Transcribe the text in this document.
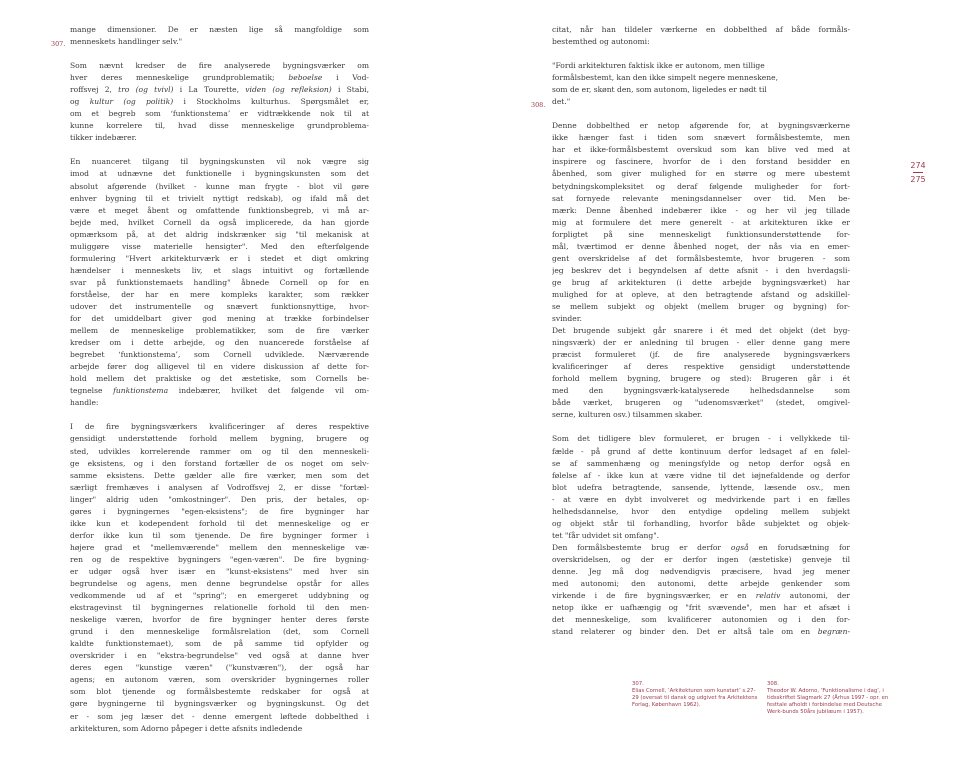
mange dimensioner. De er næsten lige så mangfoldige som
menneskets handlinger selv."

Som nævnt kredser de fire analyserede bygningsværker om
hver deres menneskelige grundproblematik; beboelse i Vod-
roffsvej 2, tro (og tvivl) i La Tourette, viden (og refleksion) i Stabi,
og kultur (og politik) i Stockholms kulturhus. Spørgsmålet er,
om et begreb som ‘funktionstema’ er vidtrækkende nok til at
kunne korrelere til, hvad disse menneskelige grundproblema-
tikker indebærer.

En nuanceret tilgang til bygningskunsten vil nok vægre sig
imod at udnævne det funktionelle i bygningskunsten som det
absolut afgørende (hvilket - kunne man frygte - blot vil gøre
enhver bygning til et trivielt nyttigt redskab), og ifald må det
være et meget åbent og omfattende funktionsbegreb, vi må ar-
bejde med, hvilket Cornell da også implicerede, da han gjorde
opmærksom på, at det aldrig indskrænker sig "til mekanisk at
muliggøre visse materielle hensigter". Med den efterfølgende
formulering "Hvert arkitekturværk er i stedet et digt omkring
hændelser i menneskets liv, et slags intuitivt og fortællende
svar på funktionstemaets handling" åbnede Cornell op for en
forståelse, der har en mere kompleks karakter, som rækker
udover det instrumentelle og snævert funktionsnyttige, hvor-
for det umiddelbart giver god mening at trække forbindelser
mellem de menneskelige problematikker, som de fire værker
kredser om i dette arbejde, og den nuancerede forståelse af
begrebet ‘funktionstema’, som Cornell udviklede. Nærværende
arbejde fører dog alligevel til en videre diskussion af dette for-
hold mellem det praktiske og det æstetiske, som Cornells be-
tegnelse funktionstema indebærer, hvilket det følgende vil om-
handle:

I de fire bygningsværkers kvalificeringer af deres respektive
gensidigt understøttende forhold mellem bygning, brugere og
sted, udvikles korrelerende rammer om og til den menneskeli-
ge eksistens, og i den forstand fortæller de os noget om selv-
samme eksistens. Dette gælder alle fire værker, men som det
særligt fremhæves i analysen af Vodroffsvej 2, er disse "fortæl-
linger" aldrig uden "omkostninger". Den pris, der betales, op-
gøres i bygningernes "egen-eksistens"; de fire bygninger har
ikke kun et kodependent forhold til det menneskelige og er
derfor ikke kun til som tjenende. De fire bygninger former i
højere grad et "mellemværende" mellem den menneskelige væ-
ren og de respektive bygningers "egen-væren". De fire bygning-
er udgør også hver især en "kunst-eksistens" med hver sin
begrundelse og agens, men denne begrundelse opstår for alles
vedkommende ud af et "spring"; en emergeret uddybning og
ekstragevinst til bygningernes relationelle forhold til den men-
neskelige væren, hvorfor de fire bygninger henter deres første
grund i den menneskelige formålsrelation (det, som Cornell
kaldte funktionstemaet), som de på samme tid opfylder og
overskrider i en "ekstra-begrundelse" ved også at danne hver
deres egen "kunstige væren" ("kunstværen"), der også har
agens; en autonom væren, som overskrider bygningernes roller
som blot tjenende og formålsbestemte redskaber for også at
gøre bygningerne til bygningsværker og bygningskunst. Og det
er - som jeg læser det - denne emergent løftede dobbelthed i
arkitekturen, som Adorno påpeger i dette afsnits indledende

citat, når han tildeler værkerne en dobbelthed af både formåls-
bestemthed og autonomi:

"Fordi arkitekturen faktisk ikke er autonom, men tillige
formålsbestemt, kan den ikke simpelt negere menneskene,
som de er, skønt den, som autonom, ligeledes er nødt til
det."

Denne dobbelthed er netop afgørende for, at bygningsværkerne
ikke hænger fast i tiden som snævert formålsbestemte, men
har et ikke-formålsbestemt overskud som kan blive ved med at
inspirere og fascinere, hvorfor de i den forstand besidder en
åbenhed, som giver mulighed for en større og mere ubestemt
betydningskompleksitet og deraf følgende muligheder for fort-
sat fornyede relevante meningsdannelser over tid. Men be-
mærk: Denne åbenhed indebærer ikke - og her vil jeg tillade
mig at formulere det mere generelt - at arkitekturen ikke er
forpligtet på sine menneskeligt funktionsunderstøttende for-
mål, tværtimod er denne åbenhed noget, der nås via en emer-
gent overskridelse af det formålsbestemte, hvor brugeren - som
jeg beskrev det i begyndelsen af dette afsnit - i den hverdagsli-
ge brug af arkitekturen (i dette arbejde bygningsværket) har
mulighed for at opleve, at den betragtende afstand og adskillel-
se mellem subjekt og objekt (mellem bruger og bygning) for-
svinder.

Det brugende subjekt går snarere i ét med det objekt (det byg-
ningsværk) der er anledning til brugen - eller denne gang mere
præcist formuleret (jf. de fire analyserede bygningsværkers
kvalificeringer af deres respektive gensidigt understøttende
forhold mellem bygning, brugere og sted): Brugeren går i ét
med den bygningsværk-katalyserede helhedsdannelse som
både værket, brugeren og "udenomsværket" (stedet, omgivel-
serne, kulturen osv.) tilsammen skaber.

Som det tidligere blev formuleret, er brugen - i vellykkede til-
fælde - på grund af dette kontinuum derfor ledsaget af en følel-
se af sammenhæng og meningsfylde og netop derfor også en
følelse af - ikke kun at være vidne til det iøjnefaldende og derfor
blot udefra betragtende, sansende, lyttende, læsende osv., men
- at være en dybt involveret og medvirkende part i en fælles
helhedsdannelse, hvor den entydige opdeling mellem subjekt
og objekt står til forhandling, hvorfor både subjektet og objek-
tet "får udvidet sit omfang".

Den formålsbestemte brug er derfor også en forudsætning for
overskridelsen, og der er derfor ingen (æstetiske) genveje til
denne. Jeg må dog nødvendigvis præcisere, hvad jeg mener
med autonomi; den autonomi, dette arbejde genkender som
virkende i de fire bygningsværker, er en relativ autonomi, der
netop ikke er uafhængig og "frit svævende", men har et afsæt i
det menneskelige, som kvalificerer autonomien og i den for-
stand relaterer og binder den. Det er altså tale om en begræn-

307.
308.
274
275
307.
Elias Cornell, ‘Arkitekturen som kunstart’ s.27-29 (oversat til dansk og udgivet fra Arkitektens Forlag, København 1962).
308.
Theodor W. Adorno, ‘Funktionalisme i dag’, i tidsskriftet Slagmark 27 (Århus 1997 - opr. en festtale afholdt i forbindelse med Deutsche Werk-bunds 50års jubilæum i 1957).
